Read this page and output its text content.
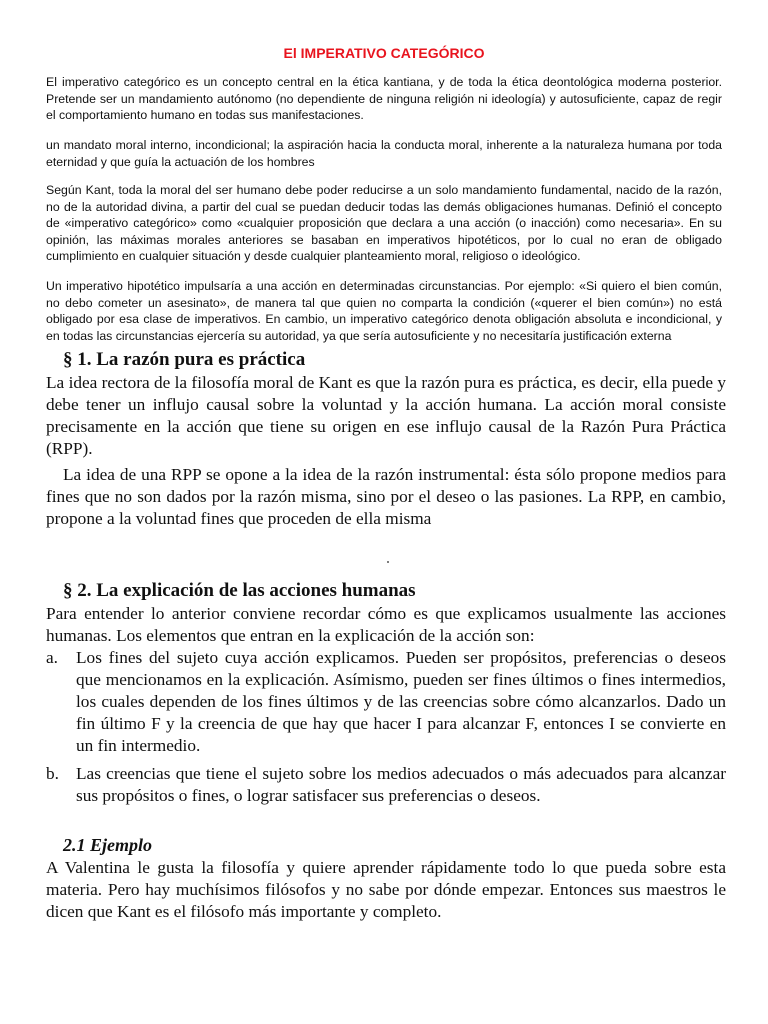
El IMPERATIVO CATEGÓRICO

El imperativo categórico es un concepto central en la ética kantiana, y de toda la ética deontológica moderna posterior. Pretende ser un mandamiento autónomo (no dependiente de ninguna religión ni ideología) y autosuficiente, capaz de regir el comportamiento humano en todas sus manifestaciones.

un mandato moral interno, incondicional; la aspiración hacia la conducta moral, inherente a la naturaleza humana por toda eternidad y que guía la actuación de los hombres

Según Kant, toda la moral del ser humano debe poder reducirse a un solo mandamiento fundamental, nacido de la razón, no de la autoridad divina, a partir del cual se puedan deducir todas las demás obligaciones humanas. Definió el concepto de «imperativo categórico» como «cualquier proposición que declara a una acción (o inacción) como necesaria». En su opinión, las máximas morales anteriores se basaban en imperativos hipotéticos, por lo cual no eran de obligado cumplimiento en cualquier situación y desde cualquier planteamiento moral, religioso o ideológico.

Un imperativo hipotético impulsaría a una acción en determinadas circunstancias. Por ejemplo: «Si quiero el bien común, no debo cometer un asesinato», de manera tal que quien no comparta la condición («querer el bien común») no está obligado por esa clase de imperativos. En cambio, un imperativo categórico denota obligación absoluta e incondicional, y en todas las circunstancias ejercería su autoridad, ya que sería autosuficiente y no necesitaría justificación externa

§ 1. La razón pura es práctica

La idea rectora de la filosofía moral de Kant es que la razón pura es práctica, es decir, ella puede y debe tener un influjo causal sobre la voluntad y la acción humana. La acción moral consiste precisamente en la acción que tiene su origen en ese influjo causal de la Razón Pura Práctica (RPP).

La idea de una RPP se opone a la idea de la razón instrumental: ésta sólo propone medios para fines que no son dados por la razón misma, sino por el deseo o las pasiones. La RPP, en cambio, propone a la voluntad fines que proceden de ella misma

§ 2. La explicación de las acciones humanas

Para entender lo anterior conviene recordar cómo es que explicamos usualmente las acciones humanas. Los elementos que entran en la explicación de la acción son:

a.	Los fines del sujeto cuya acción explicamos. Pueden ser propósitos, preferencias o deseos que mencionamos en la explicación. Asímismo, pueden ser fines últimos o fines intermedios, los cuales dependen de los fines últimos y de las creencias sobre cómo alcanzarlos. Dado un fin último F y la creencia de que hay que hacer I para alcanzar F, entonces I se convierte en un fin intermedio.
b. Las creencias que tiene el sujeto sobre los medios adecuados o más adecuados para alcanzar sus propósitos o fines, o lograr satisfacer sus preferencias o deseos.
2.1 Ejemplo

A Valentina le gusta la filosofía y quiere aprender rápidamente todo lo que pueda sobre esta materia. Pero hay muchísimos filósofos y no sabe por dónde empezar. Entonces sus maestros le dicen que Kant es el filósofo más importante y completo.
